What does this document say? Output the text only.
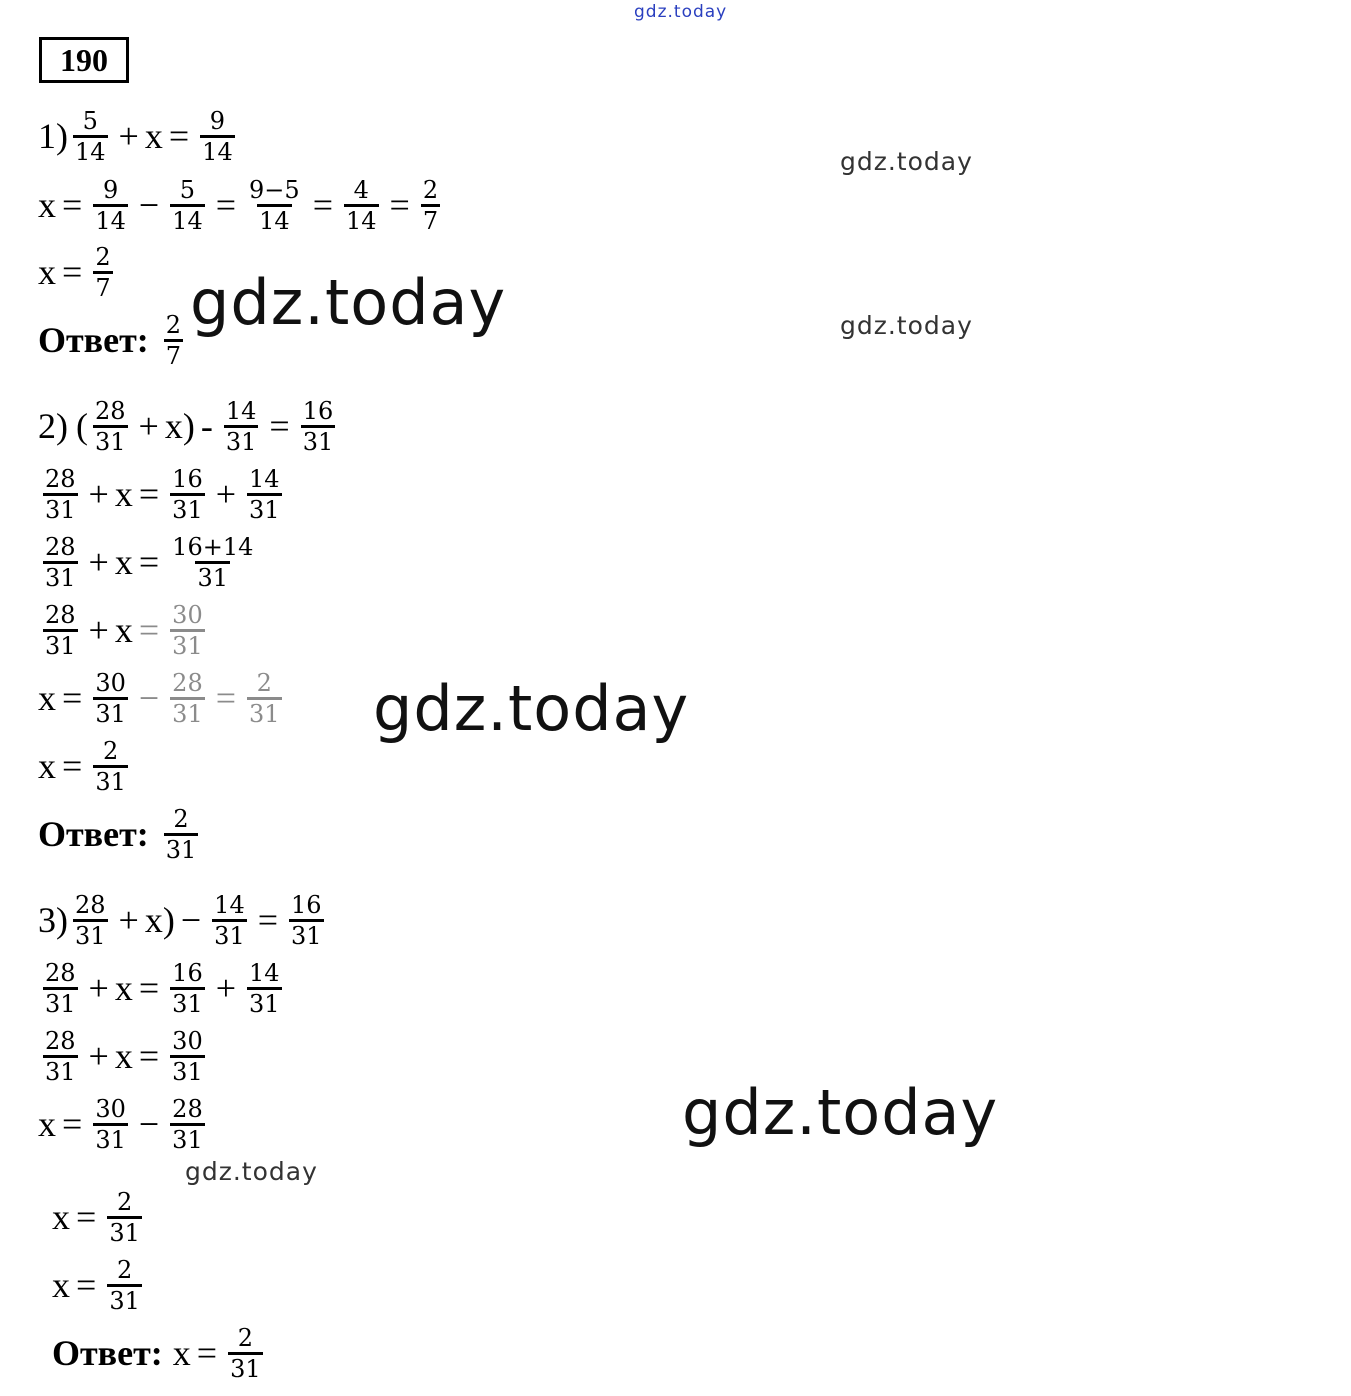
gdz.today
gdz.today
gdz.today
gdz.today
gdz.today
gdz.today
gdz.today
190
$1) \frac{5}{14} + x = \frac{9}{14}$
$x = \frac{9}{14} - \frac{5}{14} = \frac{9-5}{14} = \frac{4}{14} = \frac{2}{7}$
$x = \frac{2}{7}$
Ответ: $\frac{2}{7}$
2) ( $\frac{28}{31} + x) - \frac{14}{31} = \frac{16}{31}$
$\frac{28}{31} + x = \frac{16}{31} + \frac{14}{31}$
$\frac{28}{31} + x = \frac{16+14}{31}$
$\frac{28}{31} + x = \frac{30}{31}$
$x = \frac{30}{31} - \frac{28}{31} = \frac{2}{31}$
$x = \frac{2}{31}$
Ответ: $\frac{2}{31}$
$3) \frac{28}{31} + x) - \frac{14}{31} = \frac{16}{31}$
$\frac{28}{31} + x = \frac{16}{31} + \frac{14}{31}$
$\frac{28}{31} + x = \frac{30}{31}$
$x = \frac{30}{31} - \frac{28}{31}$
$x = \frac{2}{31}$
$x = \frac{2}{31}$
Ответ: $x = \frac{2}{31}$
